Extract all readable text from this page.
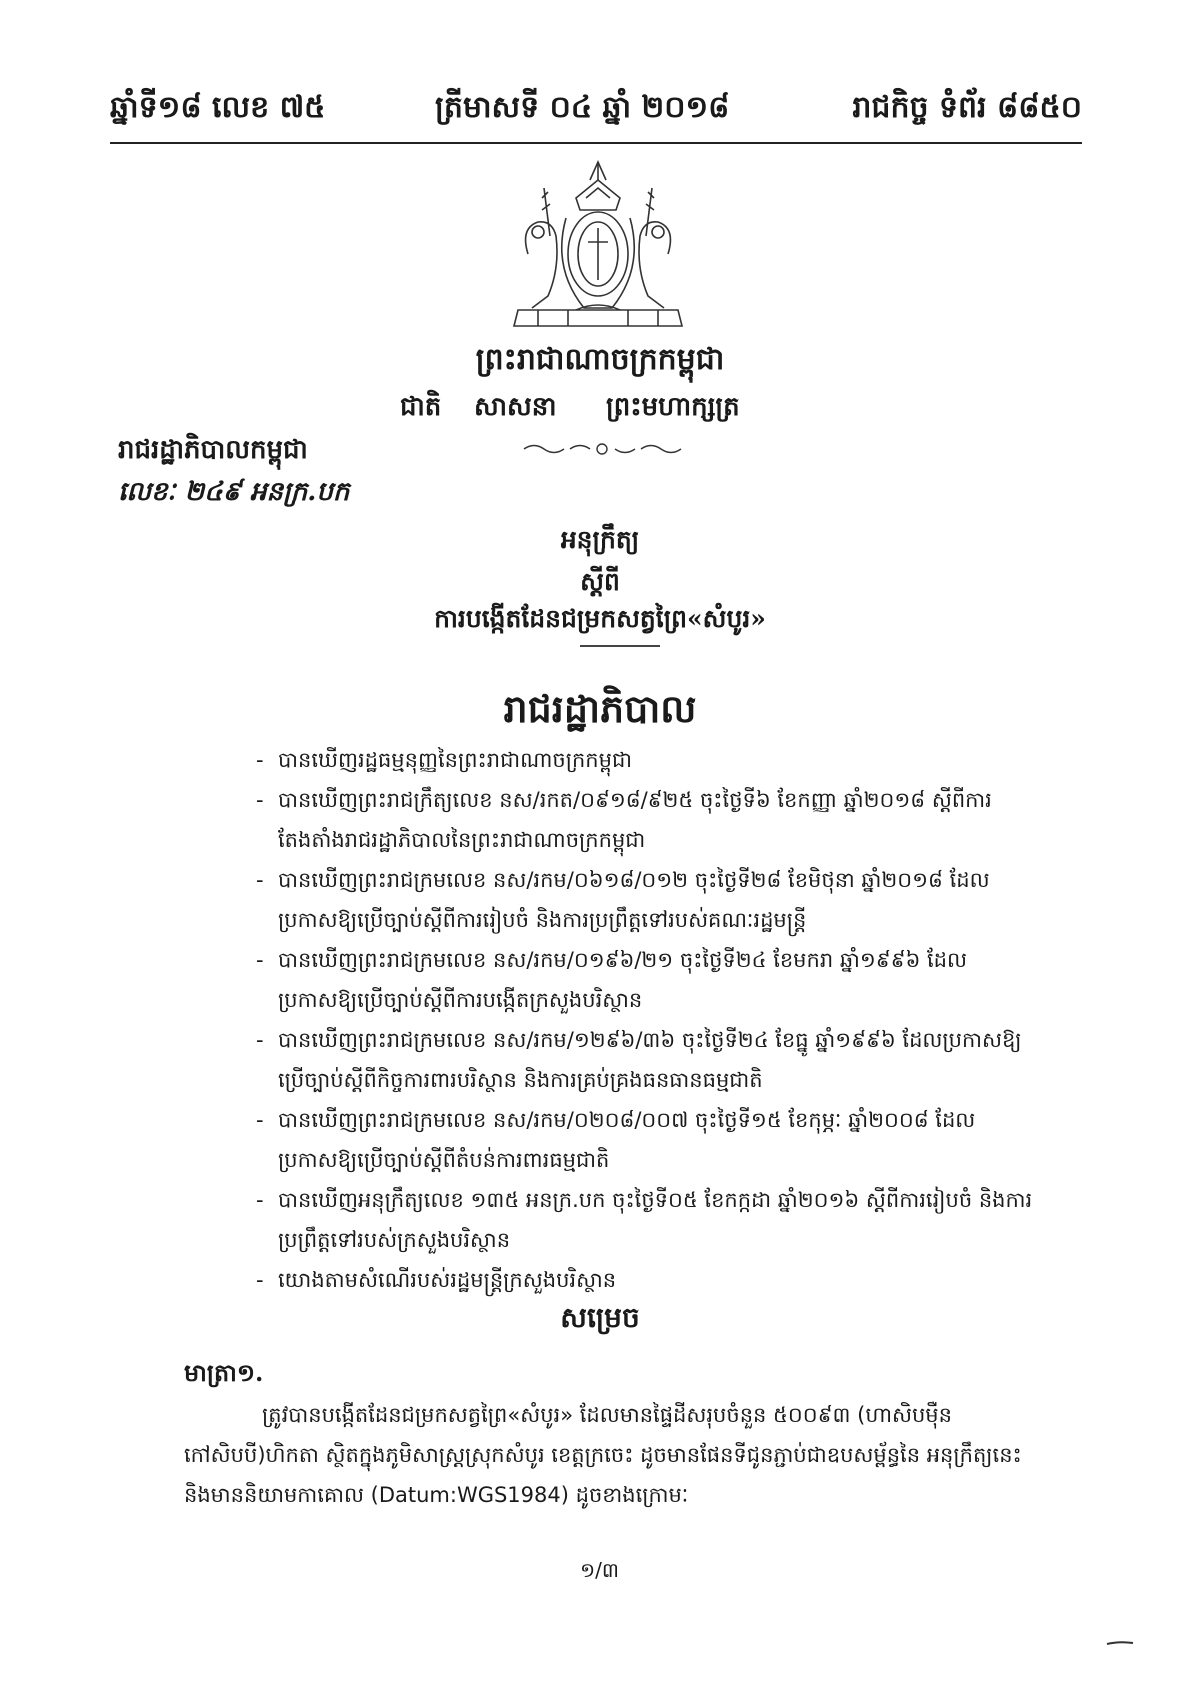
ឆ្នាំទី១៨ លេខ ៧៥	ត្រីមាសទី ០៤ ឆ្នាំ ២០១៨	រាជកិច្ច ទំព័រ ៨៨៥០
ព្រះរាជាណាចក្រកម្ពុជា
ជាតិ សាសនា ព្រះមហាក្សត្រ
រាជរដ្ឋាភិបាលកម្ពុជា
លេខៈ ២៤៩ អនក្រ.បក
អនុក្រឹត្យ
ស្តីពី
ការបង្កើតដែនជម្រកសត្វព្រៃ«សំបូរ»
រាជរដ្ឋាភិបាល
- បានឃើញរដ្ឋធម្មនុញ្ញនៃព្រះរាជាណាចក្រកម្ពុជា
- បានឃើញព្រះរាជក្រឹត្យលេខ នស/រកត/០៩១៨/៩២៥ ចុះថ្ងៃទី៦ ខែកញ្ញា ឆ្នាំ២០១៨ ស្តីពីការតែងតាំងរាជរដ្ឋាភិបាលនៃព្រះរាជាណាចក្រកម្ពុជា
- បានឃើញព្រះរាជក្រមលេខ នស/រកម/០៦១៨/០១២ ចុះថ្ងៃទី២៨ ខែមិថុនា ឆ្នាំ២០១៨ ដែលប្រកាសឱ្យប្រើច្បាប់ស្តីពីការរៀបចំ និងការប្រព្រឹត្តទៅរបស់គណៈរដ្ឋមន្ត្រី
- បានឃើញព្រះរាជក្រមលេខ នស/រកម/០១៩៦/២១ ចុះថ្ងៃទី២៤ ខែមករា ឆ្នាំ១៩៩៦ ដែលប្រកាសឱ្យប្រើច្បាប់ស្តីពីការបង្កើតក្រសួងបរិស្ថាន
- បានឃើញព្រះរាជក្រមលេខ នស/រកម/១២៩៦/៣៦ ចុះថ្ងៃទី២៤ ខែធ្នូ ឆ្នាំ១៩៩៦ ដែលប្រកាសឱ្យប្រើច្បាប់ស្តីពីកិច្ចការពារបរិស្ថាន និងការគ្រប់គ្រងធនធានធម្មជាតិ
- បានឃើញព្រះរាជក្រមលេខ នស/រកម/០២០៨/០០៧ ចុះថ្ងៃទី១៥ ខែកុម្ភៈ ឆ្នាំ២០០៨ ដែលប្រកាសឱ្យប្រើច្បាប់ស្តីពីតំបន់ការពារធម្មជាតិ
- បានឃើញអនុក្រឹត្យលេខ ១៣៥ អនក្រ.បក ចុះថ្ងៃទី០៥ ខែកក្កដា ឆ្នាំ២០១៦ ស្តីពីការរៀបចំ និងការប្រព្រឹត្តទៅរបស់ក្រសួងបរិស្ថាន
- យោងតាមសំណើរបស់រដ្ឋមន្ត្រីក្រសួងបរិស្ថាន
សម្រេច
មាត្រា១.
ត្រូវបានបង្កើតដែនជម្រកសត្វព្រៃ«សំបូរ» ដែលមានផ្ទៃដីសរុបចំនួន ៥០០៩៣ (ហាសិបម៉ឺន កៅសិបបី)ហិកតា ស្ថិតក្នុងភូមិសាស្ត្រស្រុកសំបូរ ខេត្តក្រចេះ ដូចមានផែនទីជូនភ្ជាប់ជាឧបសម្ព័ន្ធនៃ អនុក្រឹត្យនេះ និងមាននិយាមកាគោល (Datum:WGS1984) ដូចខាងក្រោមៈ
១/៣
